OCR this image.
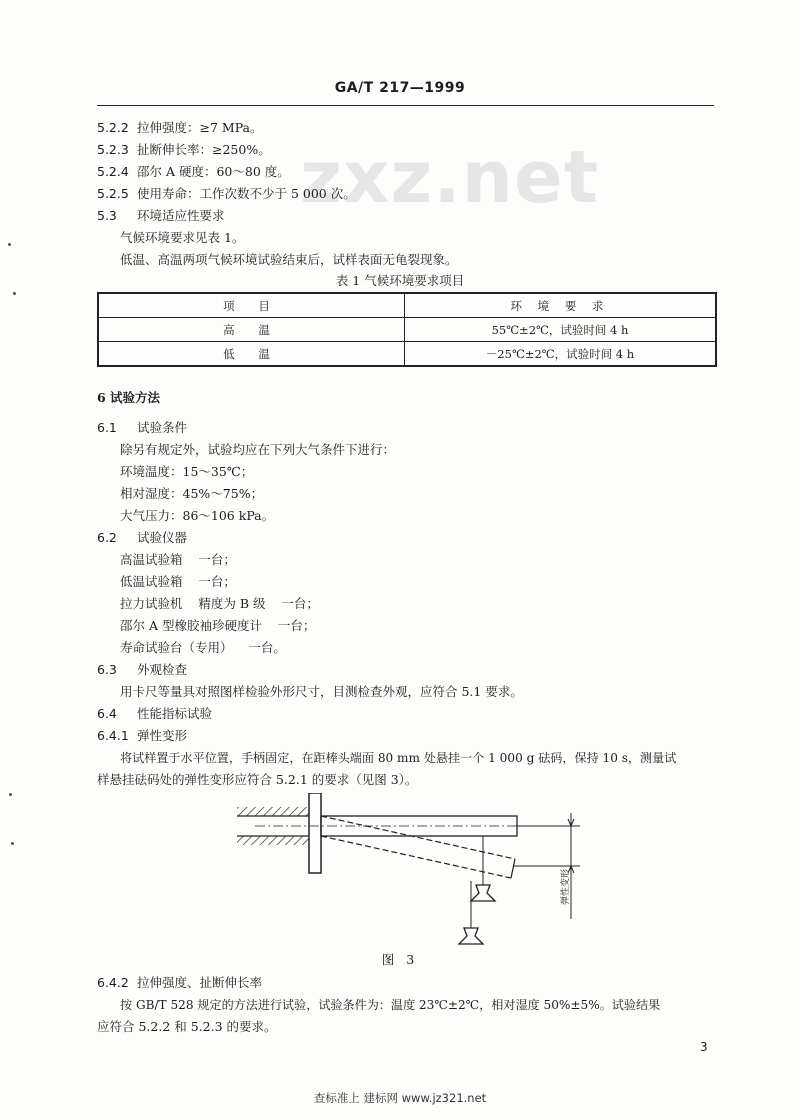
zxz.net
GA/T 217—1999
5.2.2 拉伸强度：≥7 MPa。
5.2.3 扯断伸长率：≥250%。
5.2.4 邵尔 A 硬度：60～80 度。
5.2.5 使用寿命：工作次数不少于 5 000 次。
5.3 环境适应性要求
气候环境要求见表 1。
低温、高温两项气候环境试验结束后，试样表面无龟裂现象。
表 1 气候环境要求项目
项 目	环 境 要 求
高 温	55℃±2℃，试验时间 4 h
低 温	－25℃±2℃，试验时间 4 h
6 试验方法
6.1 试验条件
除另有规定外，试验均应在下列大气条件下进行：
环境温度：15～35℃；
相对湿度：45%～75%；
大气压力：86～106 kPa。
6.2 试验仪器
高温试验箱    一台；
低温试验箱    一台；
拉力试验机    精度为 B 级    一台；
邵尔 A 型橡胶袖珍硬度计    一台；
寿命试验台（专用）    一台。
6.3 外观检查
用卡尺等量具对照图样检验外形尺寸，目测检查外观，应符合 5.1 要求。
6.4 性能指标试验
6.4.1 弹性变形
将试样置于水平位置，手柄固定，在距棒头端面 80 mm 处悬挂一个 1 000 g 砝码，保持 10 s，测量试
样悬挂砝码处的弹性变形应符合 5.2.1 的要求（见图 3）。
弹性变形
图 3
6.4.2 拉伸强度、扯断伸长率
按 GB/T 528 规定的方法进行试验，试验条件为：温度 23℃±2℃，相对湿度 50%±5%。试验结果
应符合 5.2.2 和 5.2.3 的要求。
3
查标准上 建标网 www.jz321.net
